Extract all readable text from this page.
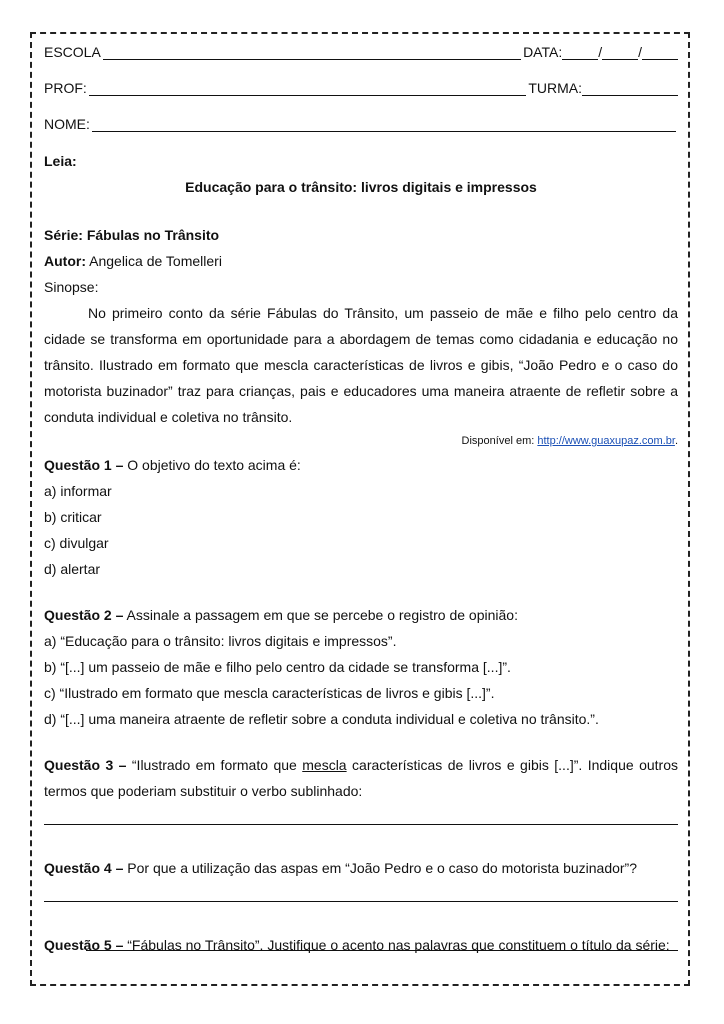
ESCOLA	DATA:	/	/
PROF:	TURMA:
NOME:

Leia:

Educação para o trânsito: livros digitais e impressos

Série: Fábulas no Trânsito

Autor: Angelica de Tomelleri

Sinopse:

No primeiro conto da série Fábulas do Trânsito, um passeio de mãe e filho pelo centro da cidade se transforma em oportunidade para a abordagem de temas como cidadania e educação no trânsito. Ilustrado em formato que mescla características de livros e gibis, “João Pedro e o caso do motorista buzinador” traz para crianças, pais e educadores uma maneira atraente de refletir sobre a conduta individual e coletiva no trânsito.

Disponível em: http://www.guaxupaz.com.br.

Questão 1 – O objetivo do texto acima é:

a) informar

b) criticar

c) divulgar

d) alertar

Questão 2 – Assinale a passagem em que se percebe o registro de opinião:

a) “Educação para o trânsito: livros digitais e impressos”.

b) “[...] um passeio de mãe e filho pelo centro da cidade se transforma [...]”.

c) “Ilustrado em formato que mescla características de livros e gibis [...]”.

d) “[...] uma maneira atraente de refletir sobre a conduta individual e coletiva no trânsito.”.

Questão 3 – “Ilustrado em formato que mescla características de livros e gibis [...]”. Indique outros termos que poderiam substituir o verbo sublinhado:

Questão 4 – Por que a utilização das aspas em “João Pedro e o caso do motorista buzinador”?

Questão 5 – “Fábulas no Trânsito”. Justifique o acento nas palavras que constituem o título da série:
